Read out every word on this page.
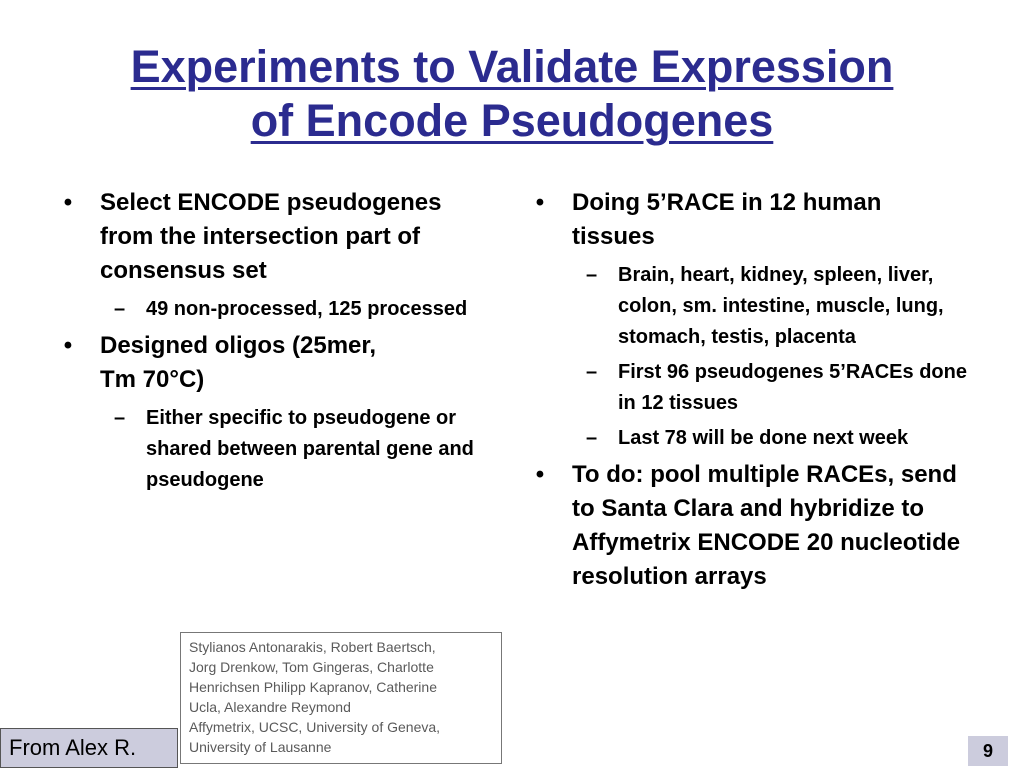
Experiments to Validate Expression
of Encode Pseudogenes
• Select ENCODE pseudogenes from the intersection part of consensus set
– 49 non-processed, 125 processed
• Designed oligos (25mer, Tm 70°C)
– Either specific to pseudogene or shared between parental gene and pseudogene
• Doing 5’RACE in 12 human tissues
– Brain, heart, kidney, spleen, liver, colon, sm. intestine, muscle, lung, stomach, testis, placenta
– First 96 pseudogenes 5’RACEs done in 12 tissues
– Last 78 will be done next week
• To do: pool multiple RACEs, send to Santa Clara and hybridize to Affymetrix ENCODE 20 nucleotide resolution arrays
Stylianos Antonarakis, Robert Baertsch,
Jorg Drenkow, Tom Gingeras, Charlotte
Henrichsen Philipp Kapranov, Catherine
Ucla, Alexandre Reymond
Affymetrix, UCSC, University of Geneva,
University of Lausanne
From Alex R.	9
